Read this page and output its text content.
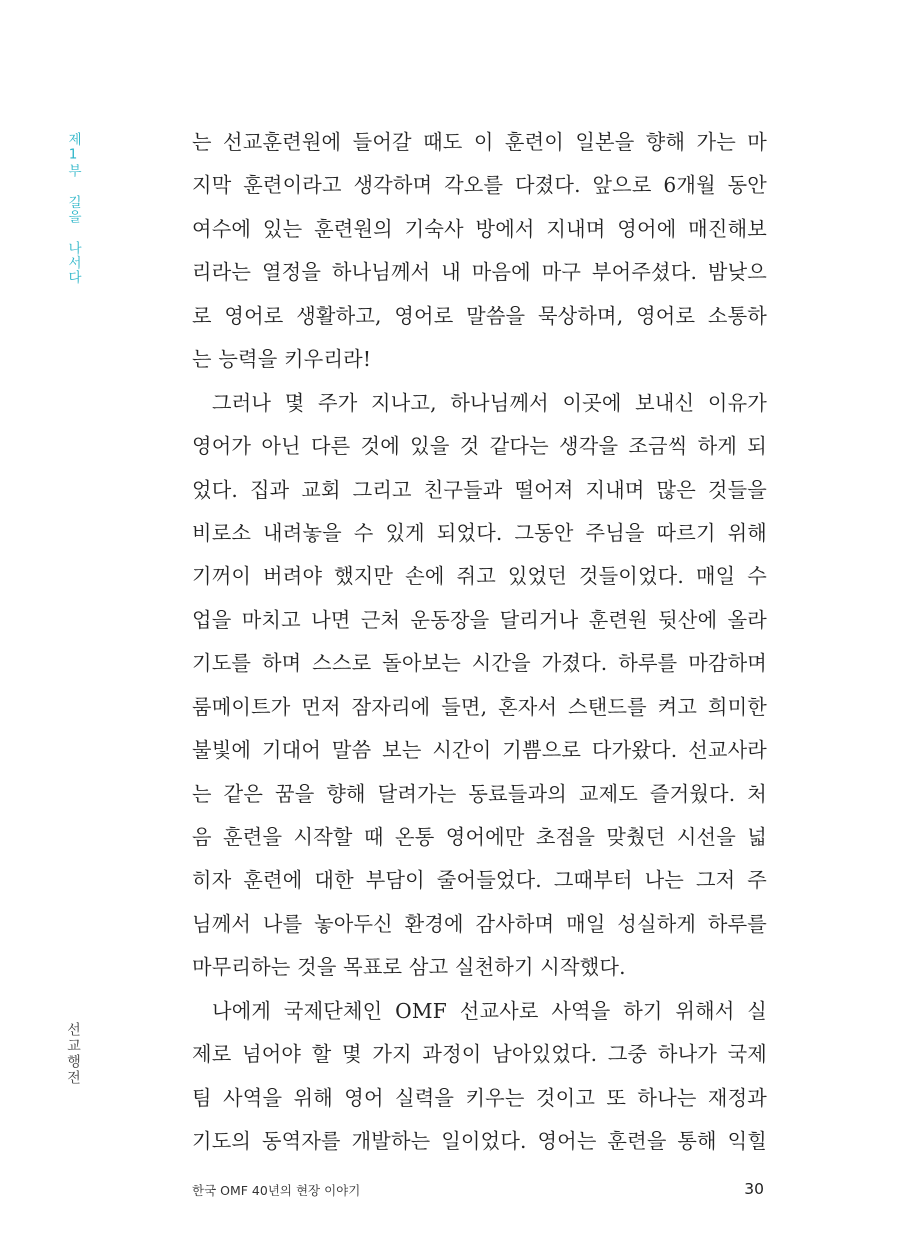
제1부 길을 나서다	는 선교훈련원에 들어갈 때도 이 훈련이 일본을 향해 가는 마
지막 훈련이라고 생각하며 각오를 다졌다. 앞으로 6개월 동안
여수에 있는 훈련원의 기숙사 방에서 지내며 영어에 매진해보
리라는 열정을 하나님께서 내 마음에 마구 부어주셨다. 밤낮으
로 영어로 생활하고, 영어로 말씀을 묵상하며, 영어로 소통하
는 능력을 키우리라!
그러나 몇 주가 지나고, 하나님께서 이곳에 보내신 이유가
영어가 아닌 다른 것에 있을 것 같다는 생각을 조금씩 하게 되
었다. 집과 교회 그리고 친구들과 떨어져 지내며 많은 것들을
비로소 내려놓을 수 있게 되었다. 그동안 주님을 따르기 위해
기꺼이 버려야 했지만 손에 쥐고 있었던 것들이었다. 매일 수
업을 마치고 나면 근처 운동장을 달리거나 훈련원 뒷산에 올라
기도를 하며 스스로 돌아보는 시간을 가졌다. 하루를 마감하며
룸메이트가 먼저 잠자리에 들면, 혼자서 스탠드를 켜고 희미한
불빛에 기대어 말씀 보는 시간이 기쁨으로 다가왔다. 선교사라
는 같은 꿈을 향해 달려가는 동료들과의 교제도 즐거웠다. 처
음 훈련을 시작할 때 온통 영어에만 초점을 맞췄던 시선을 넓
히자 훈련에 대한 부담이 줄어들었다. 그때부터 나는 그저 주
님께서 나를 놓아두신 환경에 감사하며 매일 성실하게 하루를
마무리하는 것을 목표로 삼고 실천하기 시작했다.
나에게 국제단체인 OMF 선교사로 사역을 하기 위해서 실
제로 넘어야 할 몇 가지 과정이 남아있었다. 그중 하나가 국제
팀 사역을 위해 영어 실력을 키우는 것이고 또 하나는 재정과
기도의 동역자를 개발하는 일이었다. 영어는 훈련을 통해 익힐
선교행전
한국 OMF 40년의 현장 이야기	30
